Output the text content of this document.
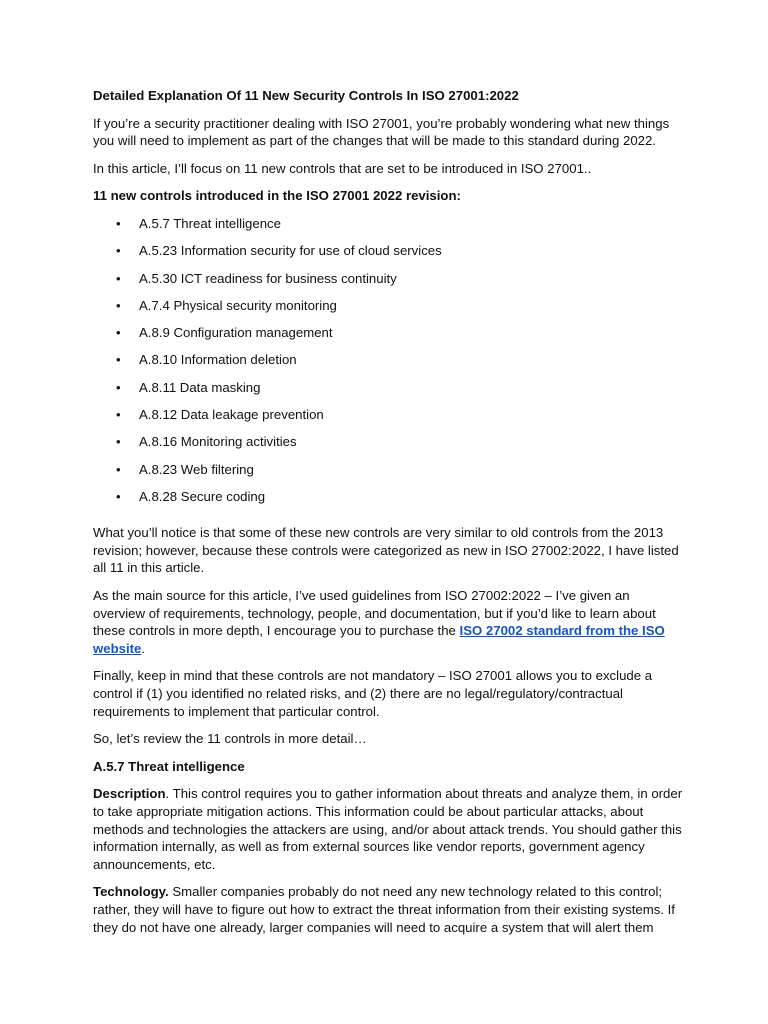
Detailed Explanation Of 11 New Security Controls In ISO 27001:2022

If you’re a security practitioner dealing with ISO 27001, you’re probably wondering what new things you will need to implement as part of the changes that will be made to this standard during 2022.

In this article, I’ll focus on 11 new controls that are set to be introduced in ISO 27001..

11 new controls introduced in the ISO 27001 2022 revision:

• A.5.7 Threat intelligence
• A.5.23 Information security for use of cloud services
• A.5.30 ICT readiness for business continuity
• A.7.4 Physical security monitoring
• A.8.9 Configuration management
• A.8.10 Information deletion
• A.8.11 Data masking
• A.8.12 Data leakage prevention
• A.8.16 Monitoring activities
• A.8.23 Web filtering
• A.8.28 Secure coding

What you’ll notice is that some of these new controls are very similar to old controls from the 2013 revision; however, because these controls were categorized as new in ISO 27002:2022, I have listed all 11 in this article.

As the main source for this article, I’ve used guidelines from ISO 27002:2022 – I’ve given an overview of requirements, technology, people, and documentation, but if you’d like to learn about these controls in more depth, I encourage you to purchase the ISO 27002 standard from the ISO website.

Finally, keep in mind that these controls are not mandatory – ISO 27001 allows you to exclude a control if (1) you identified no related risks, and (2) there are no legal/regulatory/contractual requirements to implement that particular control.

So, let’s review the 11 controls in more detail…

A.5.7 Threat intelligence

Description. This control requires you to gather information about threats and analyze them, in order to take appropriate mitigation actions. This information could be about particular attacks, about methods and technologies the attackers are using, and/or about attack trends. You should gather this information internally, as well as from external sources like vendor reports, government agency announcements, etc.

Technology. Smaller companies probably do not need any new technology related to this control; rather, they will have to figure out how to extract the threat information from their existing systems. If they do not have one already, larger companies will need to acquire a system that will alert them
